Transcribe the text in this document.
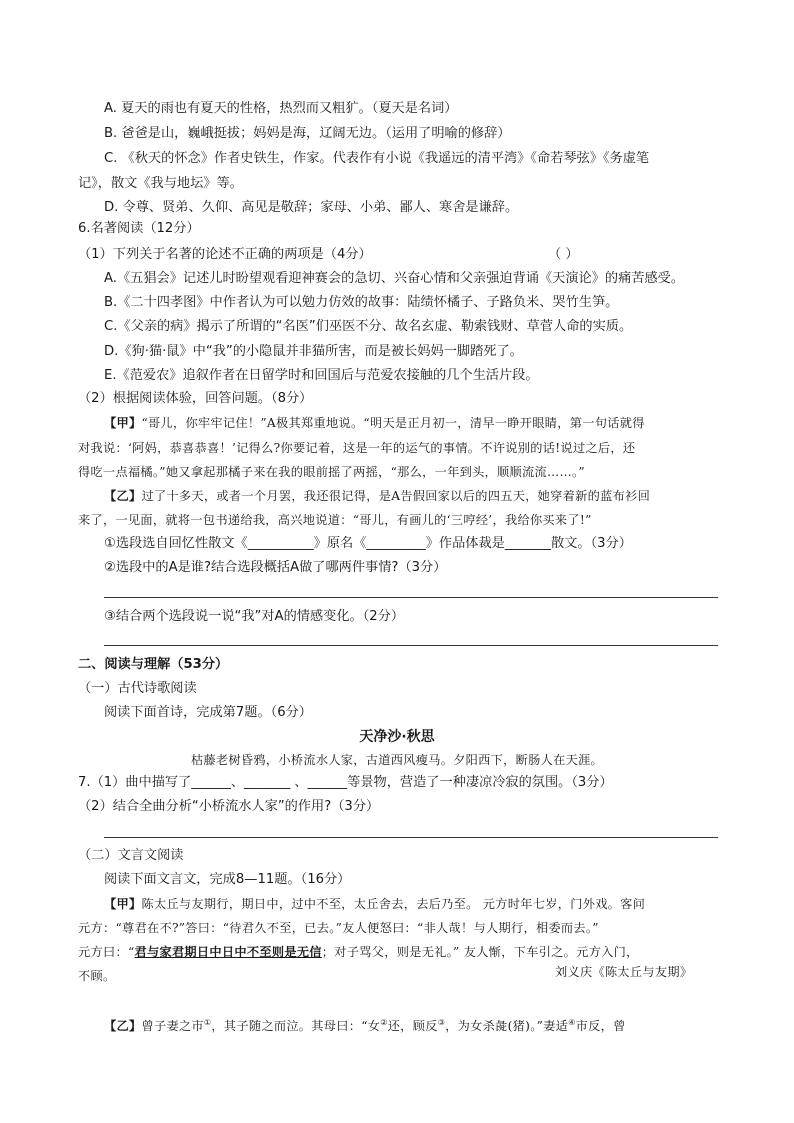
A. 夏天的雨也有夏天的性格，热烈而又粗犷。（夏天是名词）
B. 爸爸是山，巍峨挺拔；妈妈是海，辽阔无边。（运用了明喻的修辞）
C. 《秋天的怀念》作者史铁生，作家。代表作有小说《我遥远的清平湾》《命若琴弦》《务虚笔
记》，散文《我与地坛》等。
D. 令尊、贤弟、久仰、高见是敬辞；家母、小弟、鄙人、寒舍是谦辞。
6.名著阅读（12分）
（1）下列关于名著的论述不正确的两项是（4分）	（ ）
A.《五猖会》记述儿时盼望观看迎神赛会的急切、兴奋心情和父亲强迫背诵《天演论》的痛苦感受。
B.《二十四孝图》中作者认为可以勉力仿效的故事：陆绩怀橘子、子路负米、哭竹生笋。
C.《父亲的病》揭示了所谓的“名医”们巫医不分、故名玄虚、勒索钱财、草菅人命的实质。
D.《狗·猫·鼠》中“我”的小隐鼠并非猫所害，而是被长妈妈一脚踏死了。
E.《范爱农》追叙作者在日留学时和回国后与范爱农接触的几个生活片段。
（2）根据阅读体验，回答问题。（8分）
【甲】“哥儿，你牢牢记住！”A极其郑重地说。“明天是正月初一，清早一睁开眼睛，第一句话就得
对我说：‘阿妈，恭喜恭喜！’记得么?你要记着，这是一年的运气的事情。不许说别的话!说过之后，还
得吃一点福橘。”她又拿起那橘子来在我的眼前摇了两摇，“那么，一年到头，顺顺流流……。”
【乙】过了十多天，或者一个月罢，我还很记得，是A告假回家以后的四五天，她穿着新的蓝布衫回
来了，一见面，就将一包书递给我，高兴地说道：“哥儿，有画儿的‘三哼经’，我给你买来了!”
①选段选自回忆性散文《__________》原名《_________》作品体裁是_______散文。（3分）
②选段中的A是谁?结合选段概括A做了哪两件事情?（3分）
③结合两个选段说一说“我”对A的情感变化。（2分）
二、阅读与理解（53分）
（一）古代诗歌阅读
阅读下面首诗，完成第7题。（6分）
天净沙·秋思
枯藤老树昏鸦，小桥流水人家，古道西风瘦马。夕阳西下，断肠人在天涯。
7.（1）曲中描写了______、_______ 、______等景物，营造了一种凄凉冷寂的氛围。（3分）
（2）结合全曲分析“小桥流水人家”的作用?（3分）
（二）文言文阅读
阅读下面文言文，完成8—11题。（16分）
【甲】陈太丘与友期行，期日中，过中不至，太丘舍去，去后乃至。 元方时年七岁，门外戏。客问
元方：“尊君在不?”答曰：“待君久不至，已去。”友人便怒曰：“非人哉！与人期行，相委而去。”
元方曰：“君与家君期日中日中不至则是无信；对子骂父，则是无礼。” 友人惭，下车引之。元方入门，
不顾。	刘义庆《陈太丘与友期》
【乙】曾子妻之市①，其子随之而泣。其母曰：“女②还，顾反③，为女杀彘(猪)。”妻适④市反，曾
